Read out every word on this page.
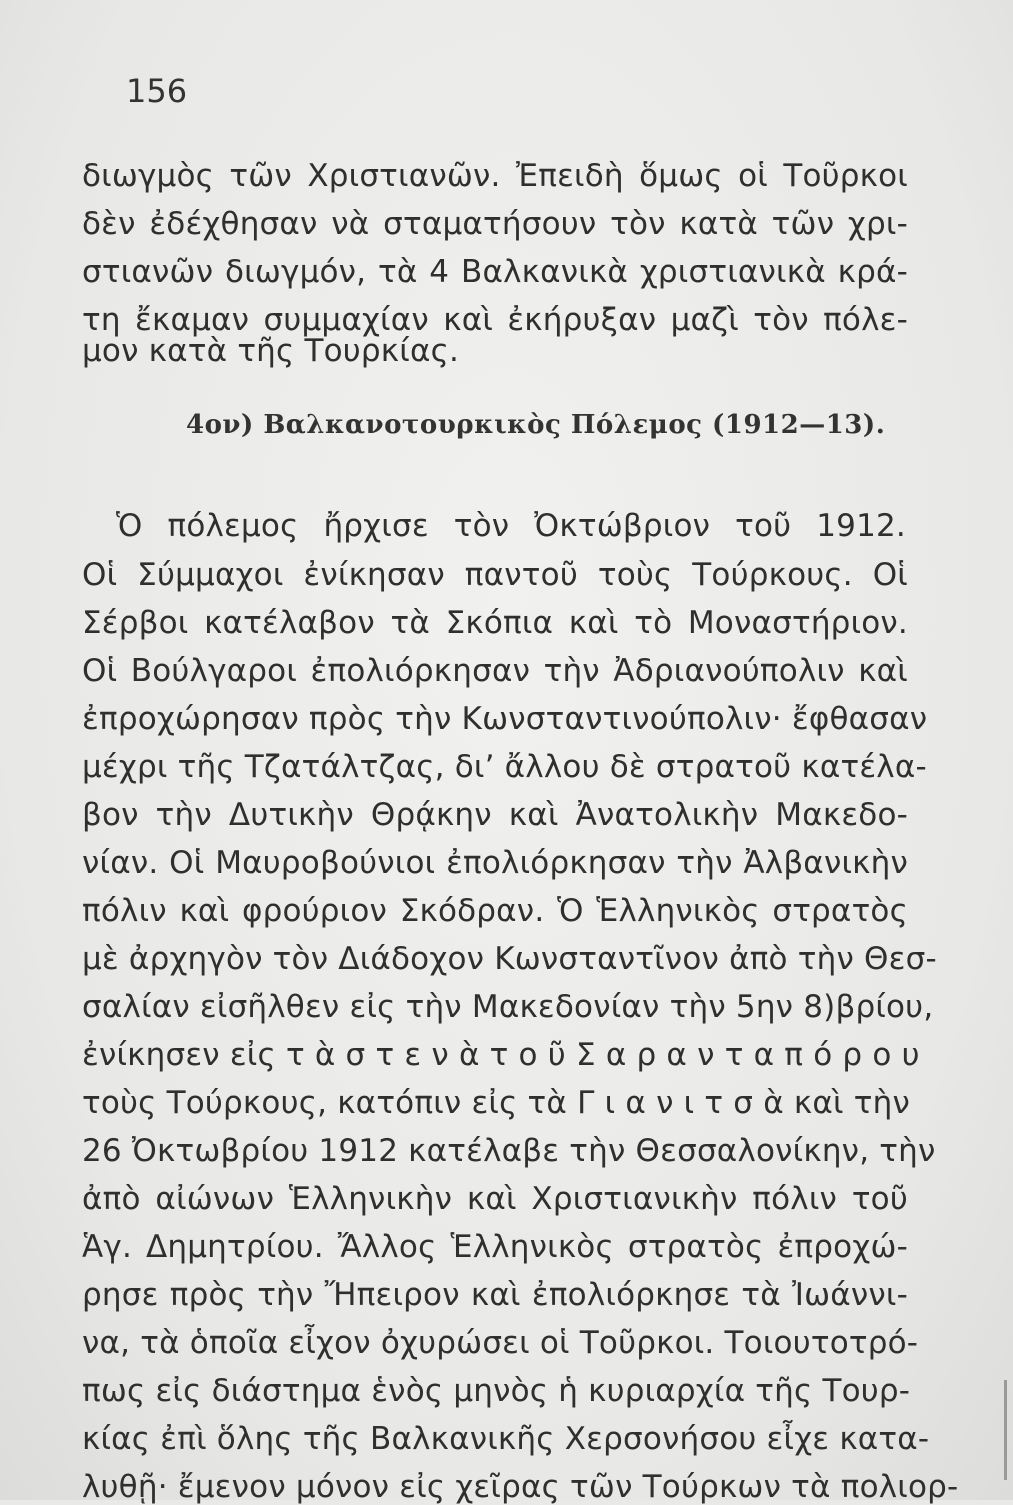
156
διωγμὸς τῶν Χριστιανῶν. Ἐπειδὴ ὅμως οἱ Τοῦρκοι
δὲν ἐδέχθησαν νὰ σταματήσουν τὸν κατὰ τῶν χρι-
στιανῶν διωγμόν, τὰ 4 Βαλκανικὰ χριστιανικὰ κρά-
τη ἔκαμαν συμμαχίαν καὶ ἐκήρυξαν μαζὶ τὸν πόλε-
μον κατὰ τῆς Τουρκίας.
4ον) Βαλκανοτουρκικὸς Πόλεμος (1912—13).
Ὁ πόλεμος ἤρχισε τὸν Ὀκτώβριον τοῦ 1912.
Οἱ Σύμμαχοι ἐνίκησαν παντοῦ τοὺς Τούρκους. Οἱ
Σέρβοι κατέλαβον τὰ Σκόπια καὶ τὸ Μοναστήριον.
Οἱ Βούλγαροι ἐπολιόρκησαν τὴν Ἀδριανούπολιν καὶ
ἐπροχώρησαν πρὸς τὴν Κωνσταντινούπολιν· ἔφθασαν
μέχρι τῆς Τζατάλτζας, δι’ ἄλλου δὲ στρατοῦ κατέλα-
βον τὴν Δυτικὴν Θρᾴκην καὶ Ἀνατολικὴν Μακεδο-
νίαν. Οἱ Μαυροβούνιοι ἐπολιόρκησαν τὴν Ἀλβανικὴν
πόλιν καὶ φρούριον Σκόδραν. Ὁ Ἑλληνικὸς στρατὸς
μὲ ἀρχηγὸν τὸν Διάδοχον Κωνσταντῖνον ἀπὸ τὴν Θεσ-
σαλίαν εἰσῆλθεν εἰς τὴν Μακεδονίαν τὴν 5ην 8)βρίου,
ἐνίκησεν εἰς τ ὰ σ τ ε ν ὰ τ ο ῦ Σ α ρ α ν τ α π ό ρ ο υ
τοὺς Τούρκους, κατόπιν εἰς τὰ Γ ι α ν ι τ σ ὰ καὶ τὴν
26 Ὀκτωβρίου 1912 κατέλαβε τὴν Θεσσαλονίκην, τὴν
ἀπὸ αἰώνων Ἑλληνικὴν καὶ Χριστιανικὴν πόλιν τοῦ
Ἁγ. Δημητρίου. Ἄλλος Ἑλληνικὸς στρατὸς ἐπροχώ-
ρησε πρὸς τὴν Ἤπειρον καὶ ἐπολιόρκησε τὰ Ἰωάννι-
να, τὰ ὁποῖα εἶχον ὀχυρώσει οἱ Τοῦρκοι. Τοιουτοτρό-
πως εἰς διάστημα ἑνὸς μηνὸς ἡ κυριαρχία τῆς Τουρ-
κίας ἐπὶ ὅλης τῆς Βαλκανικῆς Χερσονήσου εἶχε κατα-
λυθῇ· ἔμενον μόνον εἰς χεῖρας τῶν Τούρκων τὰ πολιορ-
